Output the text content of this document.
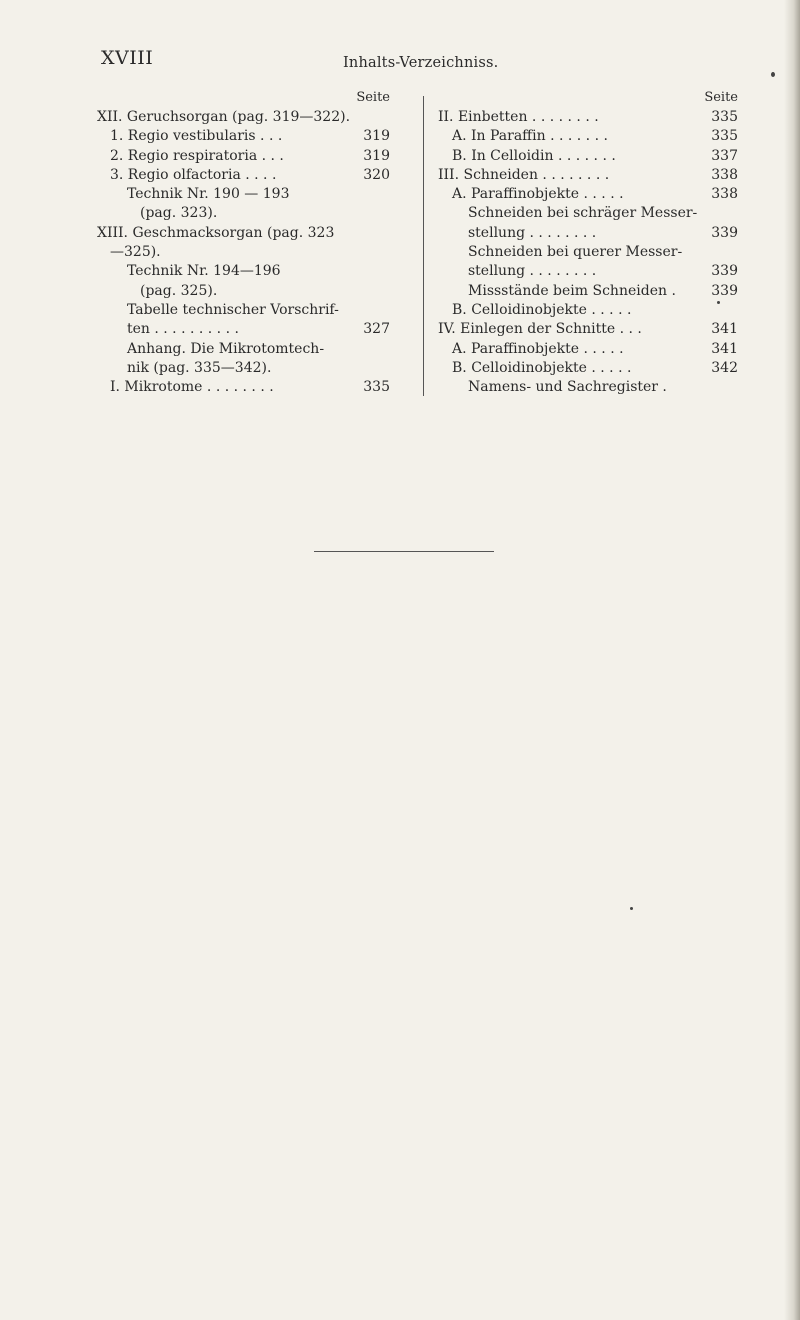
XVIII	Inhalts-Verzeichniss.
Seite
XII. Geruchsorgan (pag. 319—322).
1. Regio vestibularis . . .	319
2. Regio respiratoria . . .	319
3. Regio olfactoria . . . .	320
Technik Nr. 190 — 193
(pag. 323).
XIII. Geschmacksorgan (pag. 323
—325).
Technik Nr. 194—196
(pag. 325).
Tabelle technischer Vorschrif-
ten . . . . . . . . . .	327
Anhang. Die Mikrotomtech-
nik (pag. 335—342).
I. Mikrotome . . . . . . . .	335
Seite
II. Einbetten . . . . . . . .	335
A. In Paraffin . . . . . . .	335
B. In Celloidin . . . . . . .	337
III. Schneiden . . . . . . . .	338
A. Paraffinobjekte . . . . .	338
Schneiden bei schräger Messer-
stellung . . . . . . . .	339
Schneiden bei querer Messer-
stellung . . . . . . . .	339
Missstände beim Schneiden .	339
B. Celloidinobjekte . . . . .
IV. Einlegen der Schnitte . . .	341
A. Paraffinobjekte . . . . .	341
B. Celloidinobjekte . . . . .	342
Namens- und Sachregister .
